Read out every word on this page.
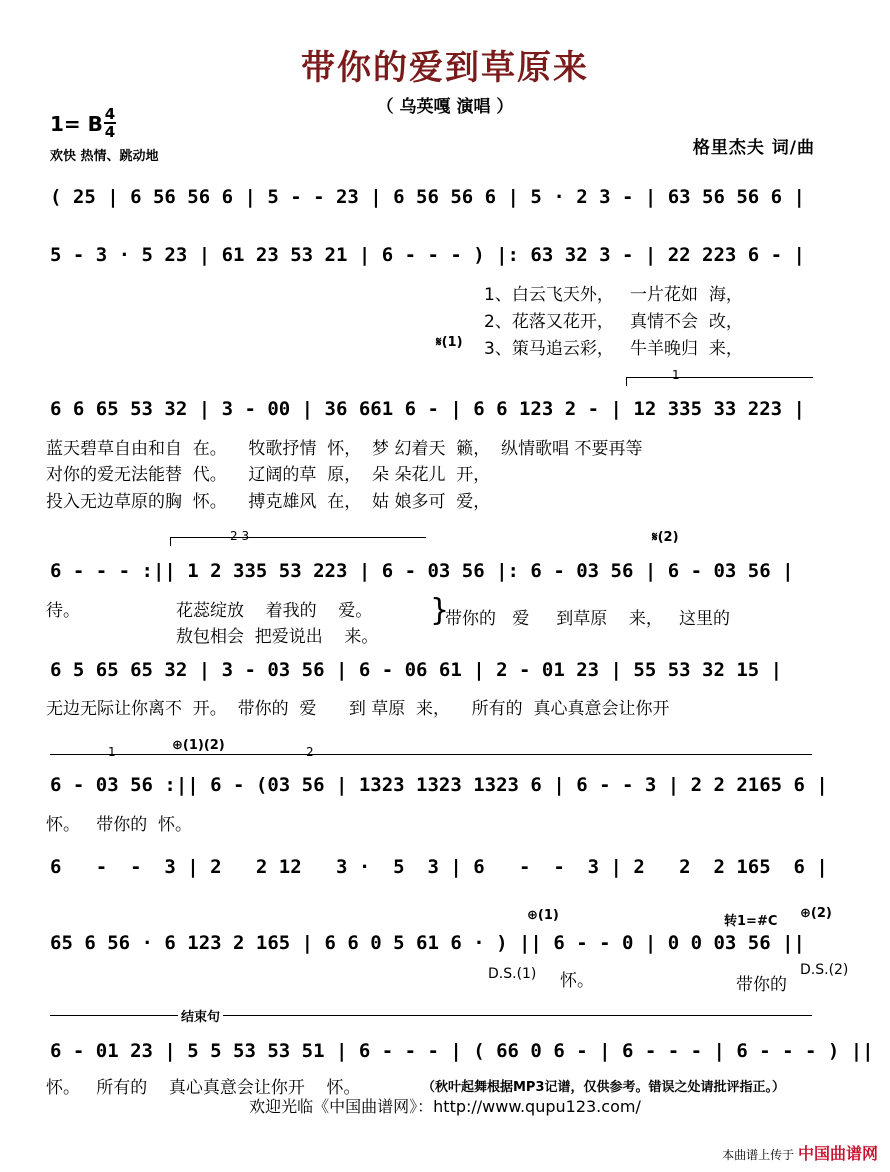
带你的爱到草原来
（ 乌英嘎 演唱 ）
1= B 4
4
欢快 热情、跳动地	格里杰夫 词/曲
( 25 | 6 56 56 6 | 5 - - 23 | 6 56 56 6 | 5 · 2 3 - | 63 56 56 6 |
5 - 3 · 5 23 | 61 23 53 21 | 6 - - - ) |: 63 32 3 - | 22 223 6 - |
1、白云飞天外，   一片花如  海，
2、花落又花开，   真情不会  改，
𝄋(1) 3、策马追云彩，   牛羊晚归  来，
1
6 6 65 53 32 | 3 - 00 | 36 661 6 - | 6 6 123 2 - | 12 335 33 223 |
蓝天碧草自由和自  在。    牧歌抒情  怀，  梦 幻着天  籁，  纵情歌唱 不要再等
对你的爱无法能替  代。    辽阔的草  原，  朵 朵花儿  开，
投入无边草原的胸  怀。    搏克雄风  在，  姑 娘多可  爱，
2 3	𝄋(2)
6 - - - :|| 1 2 335 53 223 | 6 - 03 56 |: 6 - 03 56 | 6 - 03 56 |
待。	花蕊绽放    着我的    爱。
敖包相会  把爱说出    来。
}
带你的   爱     到草原    来，   这里的
6 5 65 65 32 | 3 - 03 56 | 6 - 06 61 | 2 - 01 23 | 55 53 32 15 |
无边无际让你离不  开。  带你的  爱      到 草原  来，    所有的  真心真意会让你开
1	⊕(1)(2)	2
6 - 03 56 :|| 6 - (03 56 | 1323 1323 1323 6 | 6 - - 3 | 2 2 2165 6 |
怀。   带你的  怀。
6   -  -  3 | 2   2 12   3 ·  5  3 | 6   -  -  3 | 2   2  2 165  6 |
⊕(1)	转1=#C
⊕(2)
65 6 56 · 6 123 2 165 | 6 6 0 5 61 6 · ) || 6 - - 0 | 0 0 03 56 ||
D.S.(1) 怀。	带你的
D.S.(2)
结束句
6 - 01 23 | 5 5 53 53 51 | 6 - - - | ( 66 0 6 - | 6 - - - | 6 - - - ) ||
怀。   所有的    真心真意会让你开    怀。	（秋叶起舞根据MP3记谱，仅供参考。错误之处请批评指正。）
欢迎光临《中国曲谱网》：http://www.qupu123.com/
本曲谱上传于 中国曲谱网
